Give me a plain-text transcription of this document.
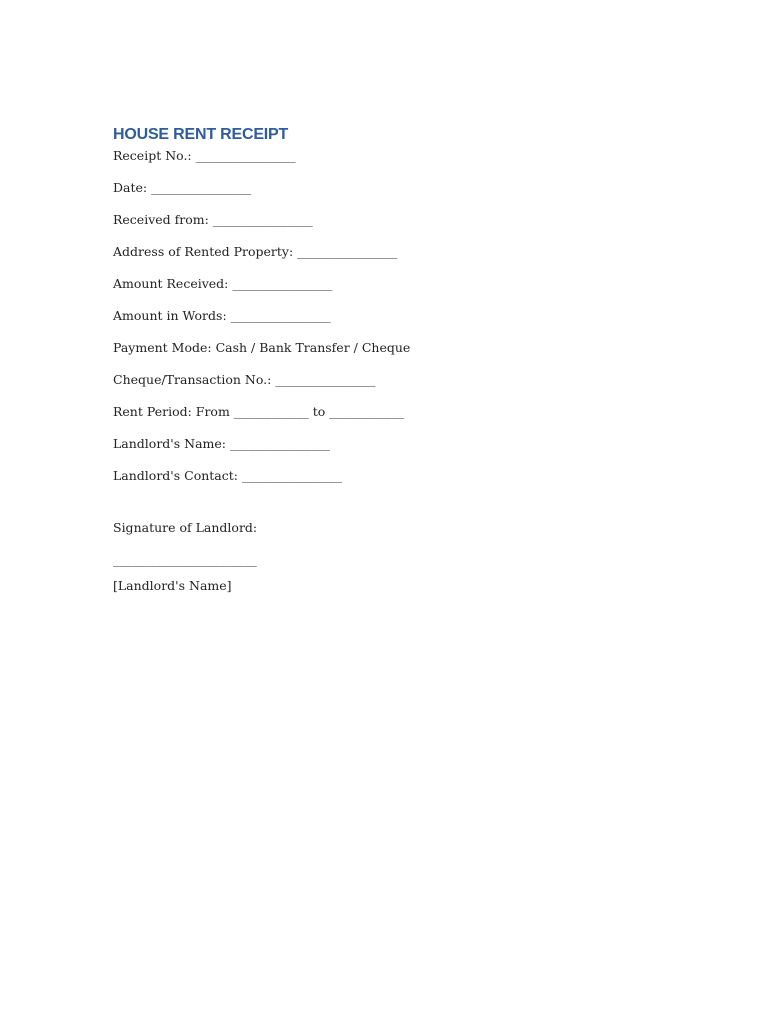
HOUSE RENT RECEIPT
Receipt No.: ________________
Date: ________________
Received from: ________________
Address of Rented Property: ________________
Amount Received: ________________
Amount in Words: ________________
Payment Mode: Cash / Bank Transfer / Cheque
Cheque/Transaction No.: ________________
Rent Period: From ____________ to ____________
Landlord's Name: ________________
Landlord's Contact: ________________
Signature of Landlord:
_______________________
[Landlord's Name]
